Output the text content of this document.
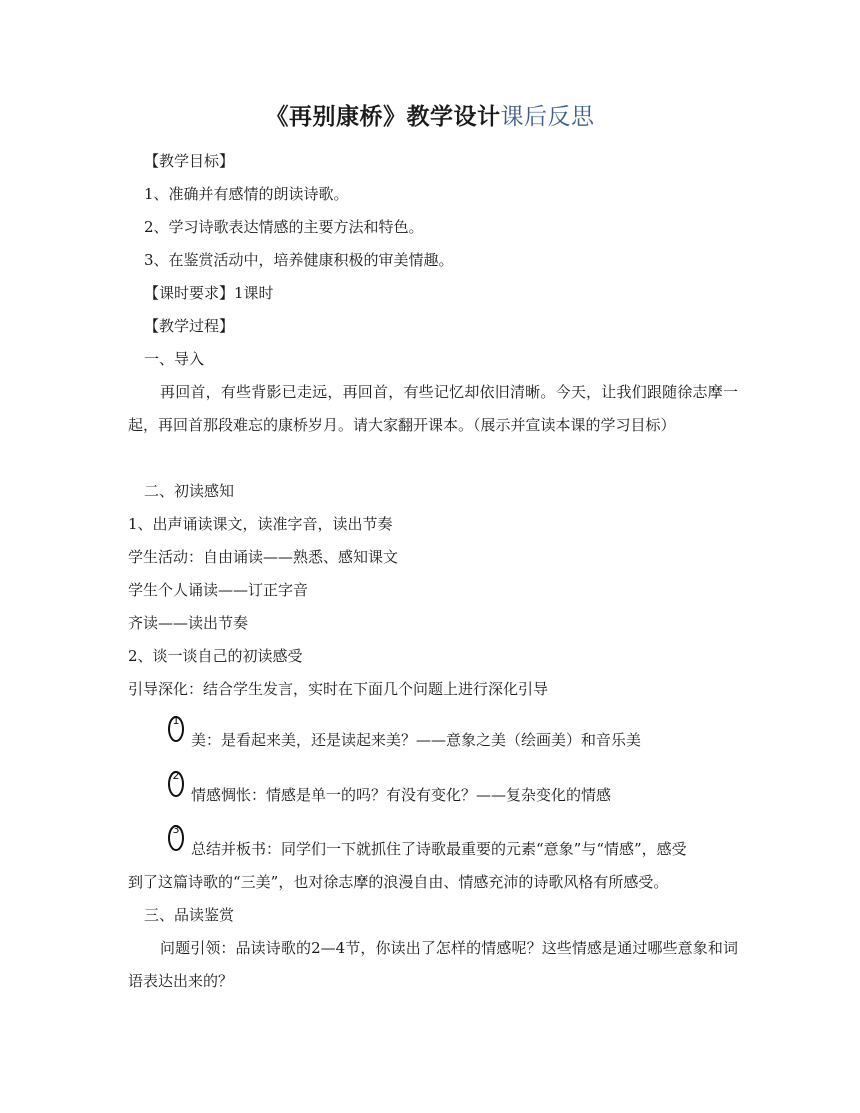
《再别康桥》教学设计课后反思
【教学目标】
1、准确并有感情的朗读诗歌。
2、学习诗歌表达情感的主要方法和特色。
3、在鉴赏活动中，培养健康积极的审美情趣。
【课时要求】1课时
【教学过程】
一、导入
再回首，有些背影已走远，再回首，有些记忆却依旧清晰。今天，让我们跟随徐志摩一起，再回首那段难忘的康桥岁月。请大家翻开课本。（展示并宣读本课的学习目标）
二、初读感知
1、出声诵读课文，读准字音，读出节奏
学生活动：自由诵读——熟悉、感知课文
学生个人诵读——订正字音
齐读——读出节奏
2、谈一谈自己的初读感受
引导深化：结合学生发言，实时在下面几个问题上进行深化引导
1
美：是看起来美，还是读起来美？——意象之美（绘画美）和音乐美
2
情感惆怅：情感是单一的吗？有没有变化？——复杂变化的情感
3
总结并板书：同学们一下就抓住了诗歌最重要的元素“意象”与“情感”，感受
到了这篇诗歌的“三美”，也对徐志摩的浪漫自由、情感充沛的诗歌风格有所感受。
三、品读鉴赏
问题引领：品读诗歌的2—4节，你读出了怎样的情感呢？这些情感是通过哪些意象和词语表达出来的？
